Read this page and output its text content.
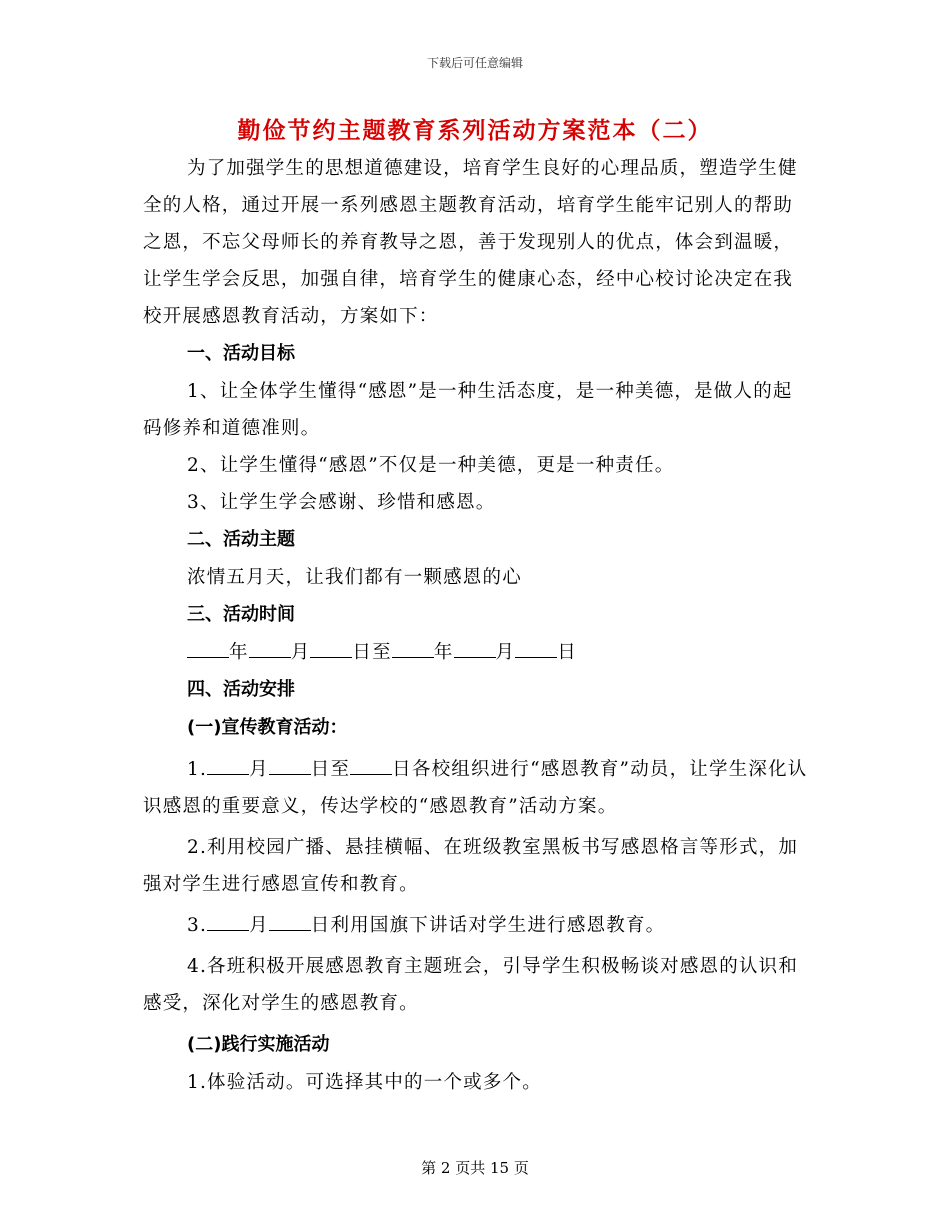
下载后可任意编辑
勤俭节约主题教育系列活动方案范本（二）

为了加强学生的思想道德建设，培育学生良好的心理品质，塑造学生健全的人格，通过开展一系列感恩主题教育活动，培育学生能牢记别人的帮助之恩，不忘父母师长的养育教导之恩，善于发现别人的优点，体会到温暖，让学生学会反思，加强自律，培育学生的健康心态，经中心校讨论决定在我校开展感恩教育活动，方案如下：

一、活动目标

1、让全体学生懂得“感恩”是一种生活态度，是一种美德，是做人的起码修养和道德准则。

2、让学生懂得“感恩”不仅是一种美德，更是一种责任。

3、让学生学会感谢、珍惜和感恩。

二、活动主题

浓情五月天，让我们都有一颗感恩的心

三、活动时间

年 月 日至 年 月 日

四、活动安排

(一)宣传教育活动：

1. 月 日至 日各校组织进行“感恩教育”动员，让学生深化认识感恩的重要意义，传达学校的“感恩教育”活动方案。

2.利用校园广播、悬挂横幅、在班级教室黑板书写感恩格言等形式，加强对学生进行感恩宣传和教育。

3. 月 日利用国旗下讲话对学生进行感恩教育。

4.各班积极开展感恩教育主题班会，引导学生积极畅谈对感恩的认识和感受，深化对学生的感恩教育。

(二)践行实施活动

1.体验活动。可选择其中的一个或多个。

第 2 页共 15 页
